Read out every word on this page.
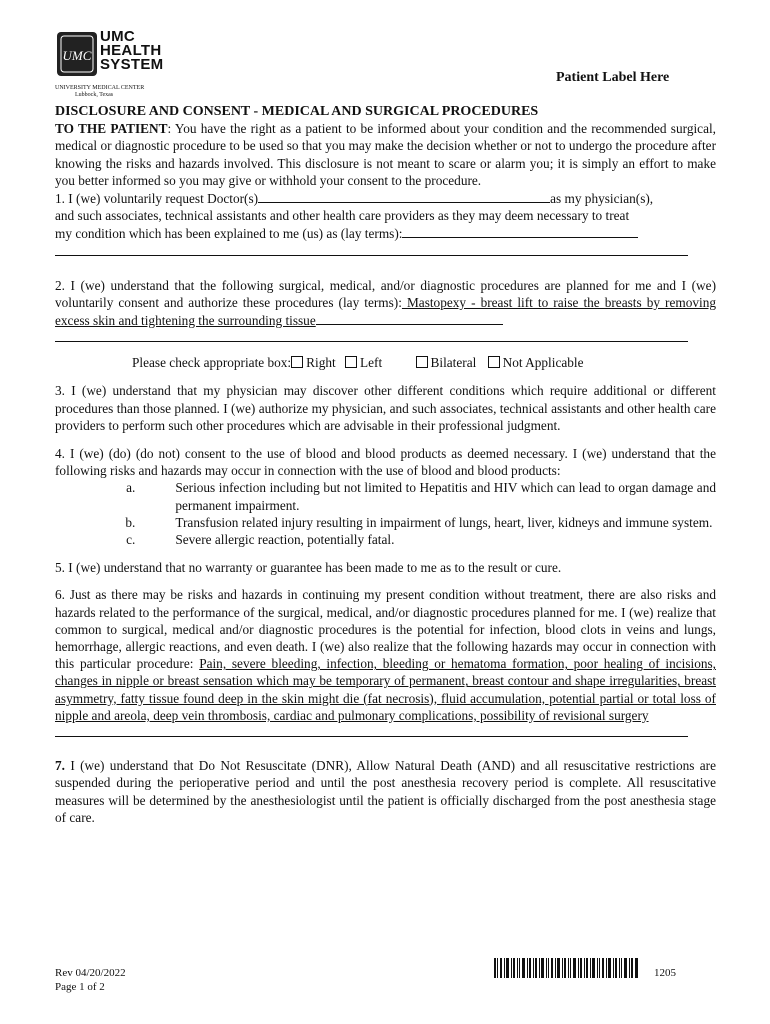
UMC
UMC
HEALTH
SYSTEM
UNIVERSITY MEDICAL CENTER
Lubbock, Texas
Patient Label Here

DISCLOSURE AND CONSENT - MEDICAL AND SURGICAL PROCEDURES

TO THE PATIENT: You have the right as a patient to be informed about your condition and the recommended surgical, medical or diagnostic procedure to be used so that you may make the decision whether or not to undergo the procedure after knowing the risks and hazards involved. This disclosure is not meant to scare or alarm you; it is simply an effort to make you better informed so you may give or withhold your consent to the procedure.

1. I (we) voluntarily request Doctor(s)	as my physician(s),

and such associates, technical assistants and other health care providers as they may deem necessary to treat

my condition which has been explained to me (us) as (lay terms):

2. I (we) understand that the following surgical, medical, and/or diagnostic procedures are planned for me and I (we) voluntarily consent and authorize these procedures (lay terms): Mastopexy - breast lift to raise the breasts by removing excess skin and tightening the surrounding tissue

Please check appropriate box: Right Left	Bilateral Not Applicable

3. I (we) understand that my physician may discover other different conditions which require additional or different procedures than those planned. I (we) authorize my physician, and such associates, technical assistants and other health care providers to perform such other procedures which are advisable in their professional judgment.

4. I (we) (do) (do not) consent to the use of blood and blood products as deemed necessary. I (we) understand that the following risks and hazards may occur in connection with the use of blood and blood products:

a.	Serious infection including but not limited to Hepatitis and HIV which can lead to organ damage and permanent impairment.
b.	Transfusion related injury resulting in impairment of lungs, heart, liver, kidneys and immune system.
c.	Severe allergic reaction, potentially fatal.

5. I (we) understand that no warranty or guarantee has been made to me as to the result or cure.

6. Just as there may be risks and hazards in continuing my present condition without treatment, there are also risks and hazards related to the performance of the surgical, medical, and/or diagnostic procedures planned for me. I (we) realize that common to surgical, medical and/or diagnostic procedures is the potential for infection, blood clots in veins and lungs, hemorrhage, allergic reactions, and even death. I (we) also realize that the following hazards may occur in connection with this particular procedure: Pain, severe bleeding, infection, bleeding or hematoma formation, poor healing of incisions, changes in nipple or breast sensation which may be temporary of permanent, breast contour and shape irregularities, breast asymmetry, fatty tissue found deep in the skin might die (fat necrosis), fluid accumulation, potential partial or total loss of nipple and areola, deep vein thrombosis, cardiac and pulmonary complications, possibility of revisional surgery

7. I (we) understand that Do Not Resuscitate (DNR), Allow Natural Death (AND) and all resuscitative restrictions are suspended during the perioperative period and until the post anesthesia recovery period is complete. All resuscitative measures will be determined by the anesthesiologist until the patient is officially discharged from the post anesthesia stage of care.

Rev 04/20/2022
Page 1 of 2
1205
